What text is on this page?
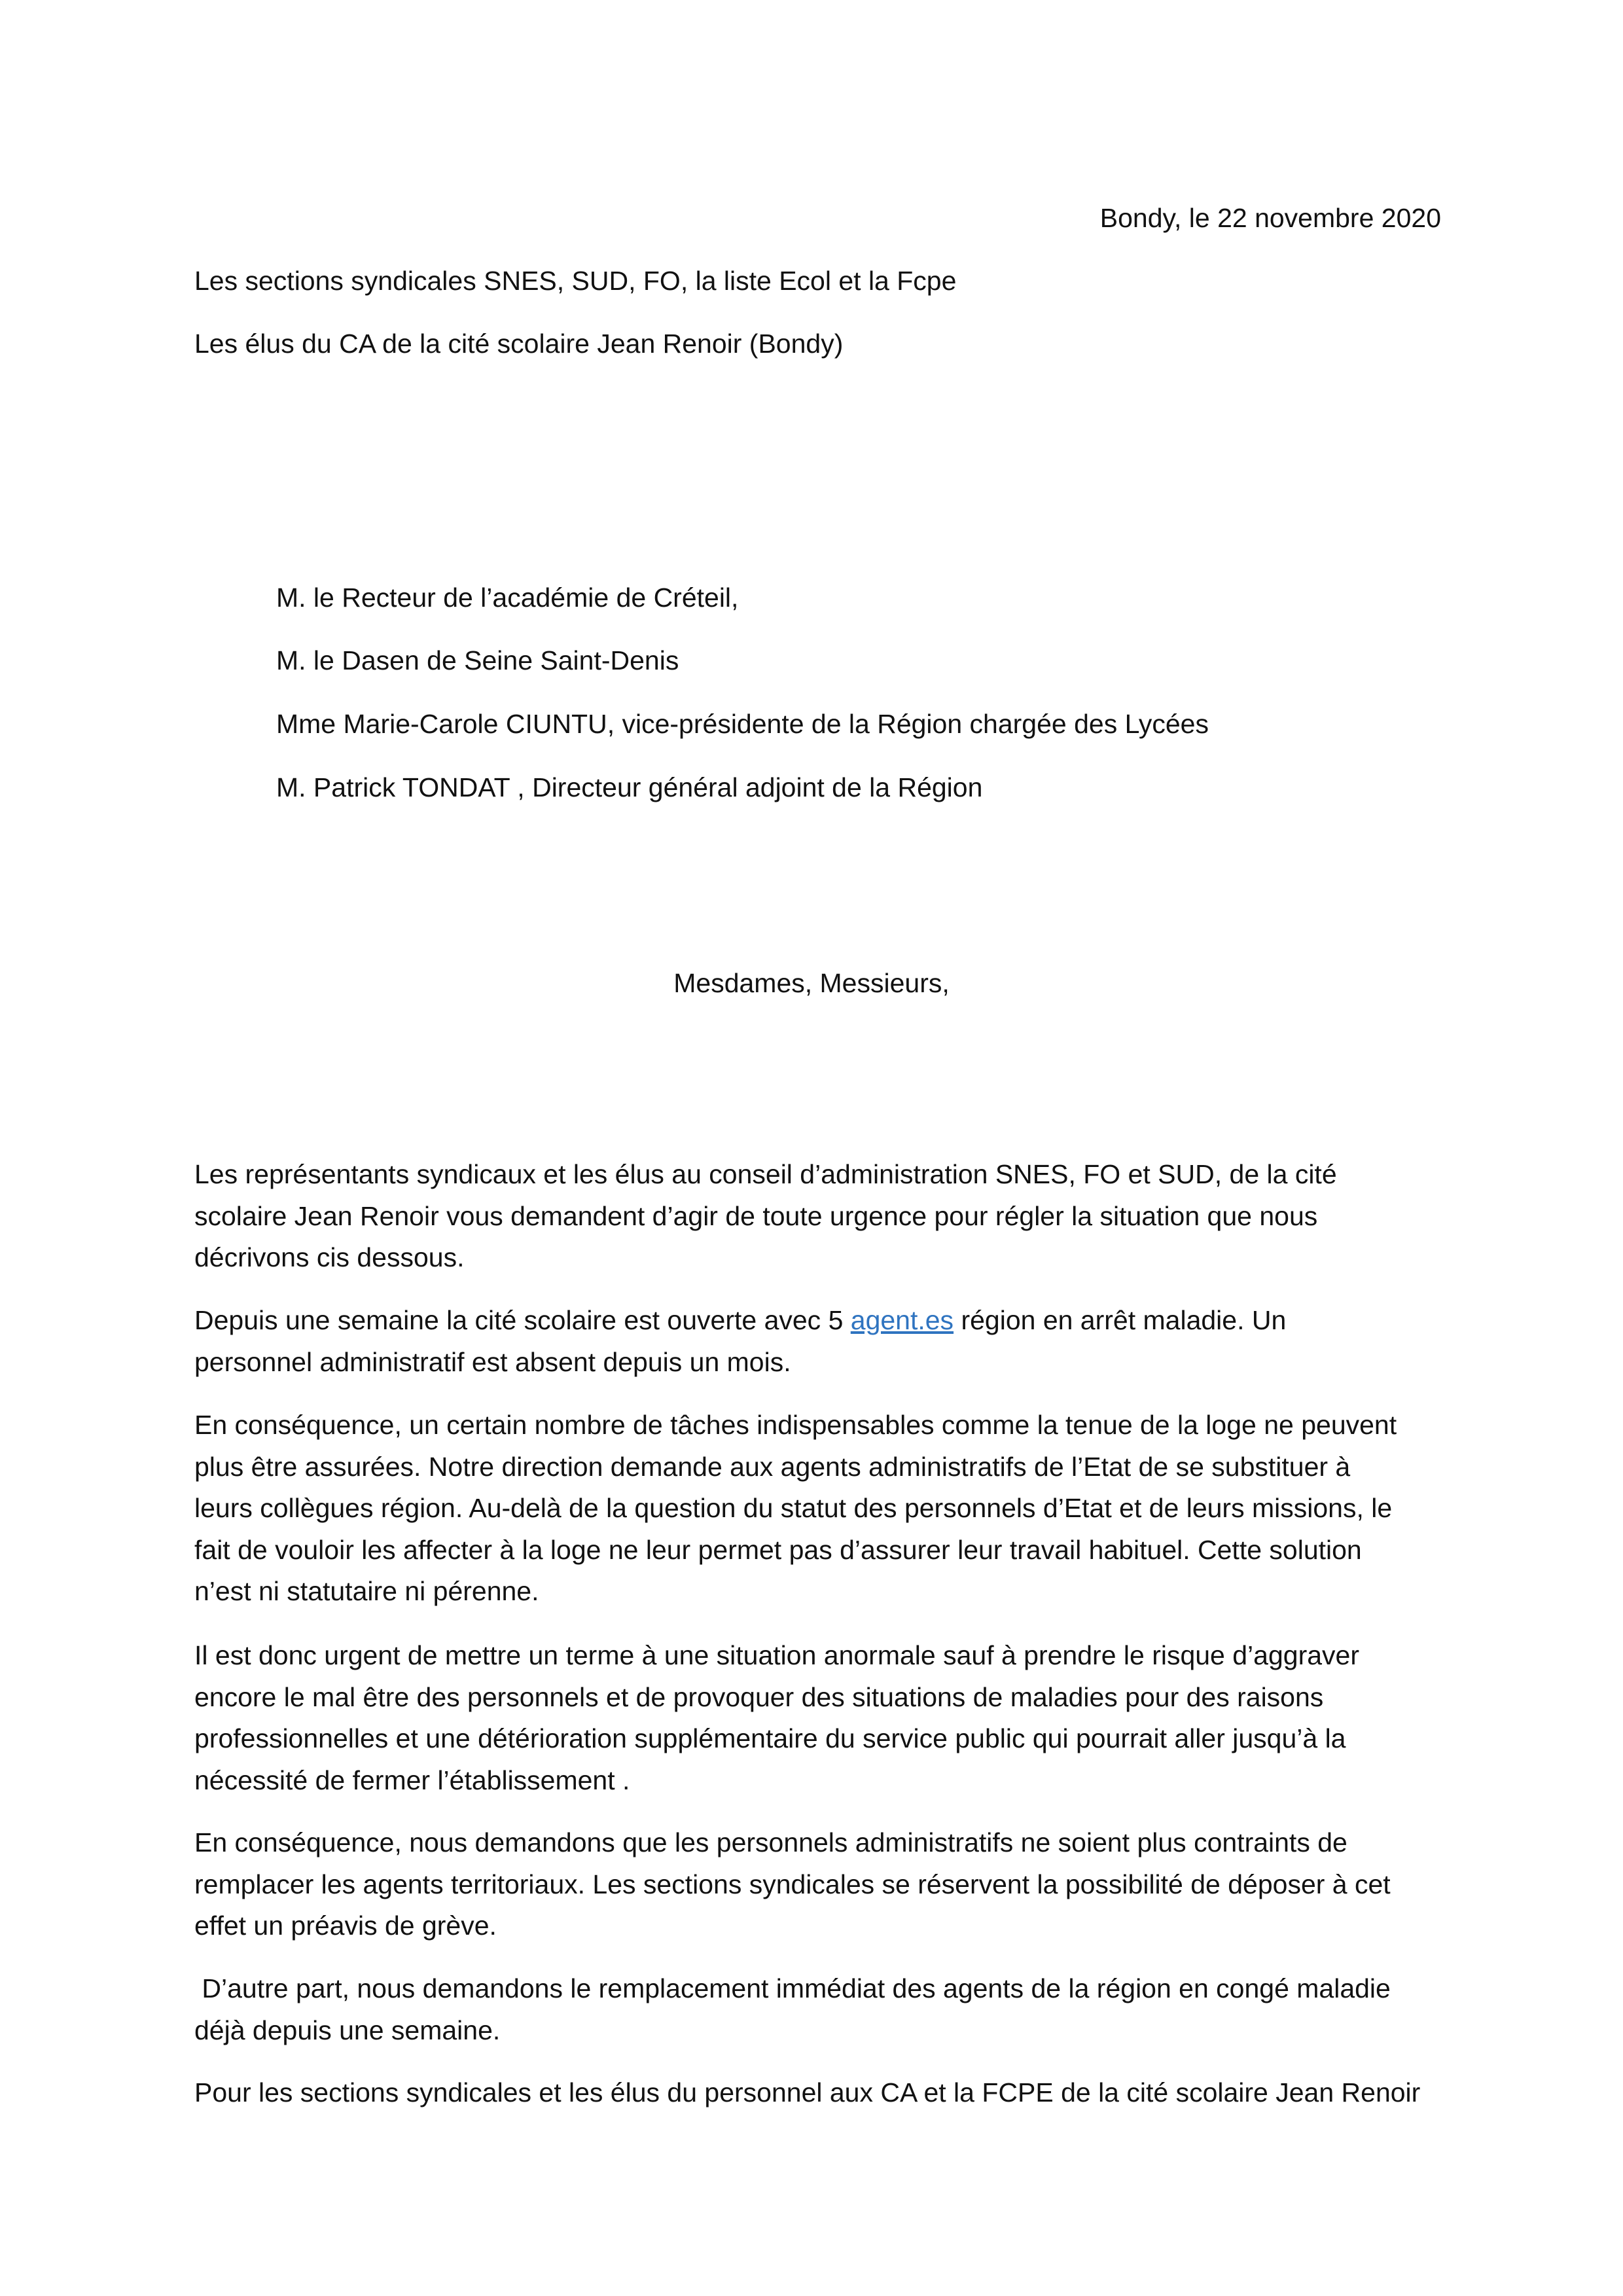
Bondy, le 22 novembre 2020
Les sections syndicales SNES, SUD, FO, la liste Ecol et la Fcpe
Les élus du CA de la cité scolaire Jean Renoir (Bondy)
M. le Recteur de l’académie de Créteil,
M. le Dasen de Seine Saint-Denis
Mme Marie-Carole CIUNTU, vice-présidente de la Région chargée des Lycées
M. Patrick TONDAT , Directeur général adjoint de la Région
Mesdames, Messieurs,
Les représentants syndicaux et les élus au conseil d’administration SNES, FO et SUD, de la cité
scolaire Jean Renoir vous demandent d’agir de toute urgence pour régler la situation que nous
décrivons cis dessous.
Depuis une semaine la cité scolaire est ouverte avec 5 agent.es région en arrêt maladie. Un
personnel administratif est absent depuis un mois.
En conséquence, un certain nombre de tâches indispensables comme la tenue de la loge ne peuvent
plus être assurées. Notre direction demande aux agents administratifs de l’Etat de se substituer à
leurs collègues région. Au-delà de la question du statut des personnels d’Etat et de leurs missions, le
fait de vouloir les affecter à la loge ne leur permet pas d’assurer leur travail habituel. Cette solution
n’est ni statutaire ni pérenne.
Il est donc urgent de mettre un terme à une situation anormale sauf à prendre le risque d’aggraver
encore le mal être des personnels et de provoquer des situations de maladies pour des raisons
professionnelles et une détérioration supplémentaire du service public qui pourrait aller jusqu’à la
nécessité de fermer l’établissement .
En conséquence, nous demandons que les personnels administratifs ne soient plus contraints de
remplacer les agents territoriaux. Les sections syndicales se réservent la possibilité de déposer à cet
effet un préavis de grève.
D’autre part, nous demandons le remplacement immédiat des agents de la région en congé maladie
déjà depuis une semaine.
Pour les sections syndicales et les élus du personnel aux CA et la FCPE de la cité scolaire Jean Renoir
